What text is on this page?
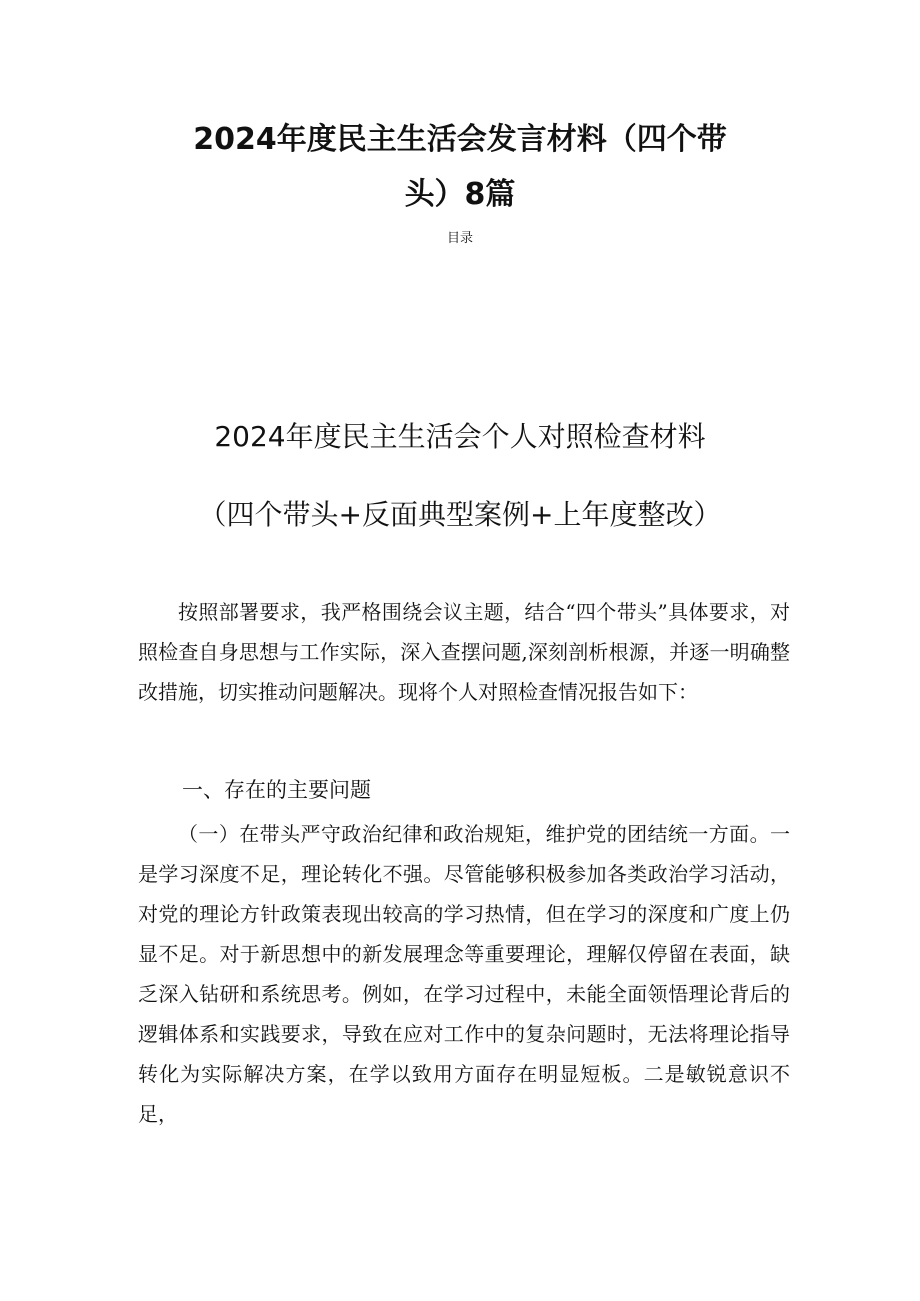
2024年度民主生活会发言材料（四个带
头）8篇
目录
2024年度民主生活会个人对照检查材料
（四个带头+反面典型案例+上年度整改）

按照部署要求，我严格围绕会议主题，结合“四个带头”具体要求，对照检查自身思想与工作实际，深入查摆问题,深刻剖析根源，并逐一明确整改措施，切实推动问题解决。现将个人对照检查情况报告如下：

一、存在的主要问题

（一）在带头严守政治纪律和政治规矩，维护党的团结统一方面。一是学习深度不足，理论转化不强。尽管能够积极参加各类政治学习活动，对党的理论方针政策表现出较高的学习热情，但在学习的深度和广度上仍显不足。对于新思想中的新发展理念等重要理论，理解仅停留在表面，缺乏深入钻研和系统思考。例如，在学习过程中，未能全面领悟理论背后的逻辑体系和实践要求，导致在应对工作中的复杂问题时，无法将理论指导转化为实际解决方案，在学以致用方面存在明显短板。二是敏锐意识不足，
